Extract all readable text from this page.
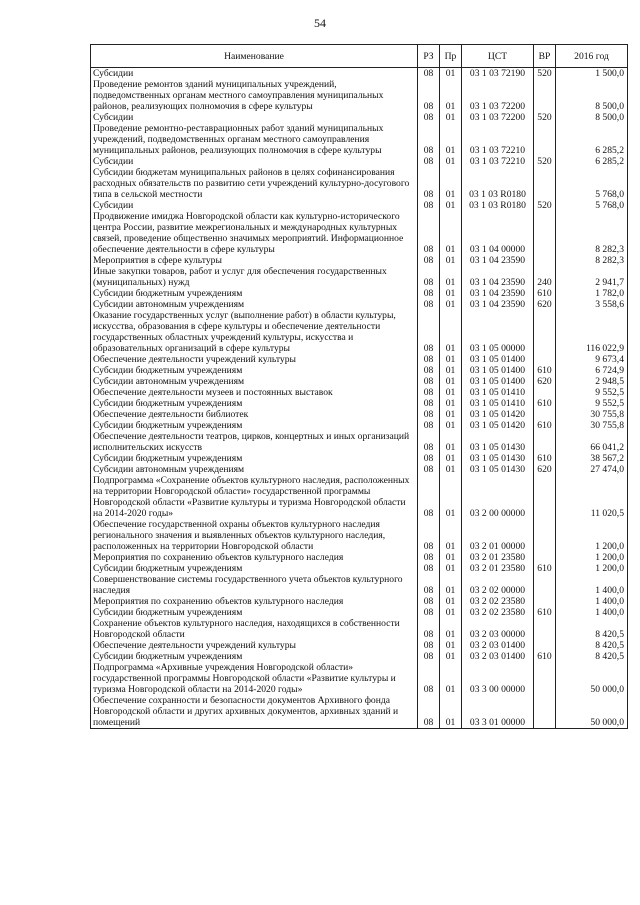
54
Наименование	РЗ	Пр	ЦСТ	ВР	2016 год
Субсидии	08	01	03 1 03 72190	520	1 500,0
Проведение ремонтов зданий муниципальных учреждений, подведомственных органам местного самоуправления муниципальных районов, реализующих полномочия в сфере культуры	08	01	03 1 03 72200		8 500,0
Субсидии	08	01	03 1 03 72200	520	8 500,0
Проведение ремонтно-реставрационных работ зданий муниципальных учреждений, подведомственных органам местного самоуправления муниципальных районов, реализующих полномочия в сфере культуры	08	01	03 1 03 72210		6 285,2
Субсидии	08	01	03 1 03 72210	520	6 285,2
Субсидии бюджетам муниципальных районов в целях софинансирования расходных обязательств по развитию сети учреждений культурно-досугового типа в сельской местности	08	01	03 1 03 R0180		5 768,0
Субсидии	08	01	03 1 03 R0180	520	5 768,0
Продвижение имиджа Новгородской области как культурно-исторического центра России, развитие межрегиональных и международных культурных связей, проведение общественно значимых мероприятий. Информационное обеспечение деятельности в сфере культуры	08	01	03 1 04 00000		8 282,3
Мероприятия в сфере культуры	08	01	03 1 04 23590		8 282,3
Иные закупки товаров, работ и услуг для обеспечения государственных (муниципальных) нужд	08	01	03 1 04 23590	240	2 941,7
Субсидии бюджетным учреждениям	08	01	03 1 04 23590	610	1 782,0
Субсидии автономным учреждениям	08	01	03 1 04 23590	620	3 558,6
Оказание государственных услуг (выполнение работ) в области культуры, искусства, образования в сфере культуры и обеспечение деятельности государственных областных учреждений культуры, искусства и образовательных организаций в сфере культуры	08	01	03 1 05 00000		116 022,9
Обеспечение деятельности учреждений культуры	08	01	03 1 05 01400		9 673,4
Субсидии бюджетным учреждениям	08	01	03 1 05 01400	610	6 724,9
Субсидии автономным учреждениям	08	01	03 1 05 01400	620	2 948,5
Обеспечение деятельности музеев и постоянных выставок	08	01	03 1 05 01410		9 552,5
Субсидии бюджетным учреждениям	08	01	03 1 05 01410	610	9 552,5
Обеспечение деятельности библиотек	08	01	03 1 05 01420		30 755,8
Субсидии бюджетным учреждениям	08	01	03 1 05 01420	610	30 755,8
Обеспечение деятельности театров, цирков, концертных и иных организаций исполнительских искусств	08	01	03 1 05 01430		66 041,2
Субсидии бюджетным учреждениям	08	01	03 1 05 01430	610	38 567,2
Субсидии автономным учреждениям	08	01	03 1 05 01430	620	27 474,0
Подпрограмма «Сохранение объектов культурного наследия, расположенных на территории Новгородской области» государственной программы Новгородской области «Развитие культуры и туризма Новгородской области на 2014-2020 годы»	08	01	03 2 00 00000		11 020,5
Обеспечение государственной охраны объектов культурного наследия регионального значения и выявленных объектов культурного наследия, расположенных на территории Новгородской области	08	01	03 2 01 00000		1 200,0
Мероприятия по сохранению объектов культурного наследия	08	01	03 2 01 23580		1 200,0
Субсидии бюджетным учреждениям	08	01	03 2 01 23580	610	1 200,0
Совершенствование системы государственного учета объектов культурного наследия	08	01	03 2 02 00000		1 400,0
Мероприятия по сохранению объектов культурного наследия	08	01	03 2 02 23580		1 400,0
Субсидии бюджетным учреждениям	08	01	03 2 02 23580	610	1 400,0
Сохранение объектов культурного наследия, находящихся в собственности Новгородской области	08	01	03 2 03 00000		8 420,5
Обеспечение деятельности учреждений культуры	08	01	03 2 03 01400		8 420,5
Субсидии бюджетным учреждениям	08	01	03 2 03 01400	610	8 420,5
Подпрограмма «Архивные учреждения Новгородской области» государственной программы Новгородской области «Развитие культуры и туризма Новгородской области на 2014-2020 годы»	08	01	03 3 00 00000		50 000,0
Обеспечение сохранности и безопасности документов Архивного фонда Новгородской области и других архивных документов, архивных зданий и помещений	08	01	03 3 01 00000		50 000,0
